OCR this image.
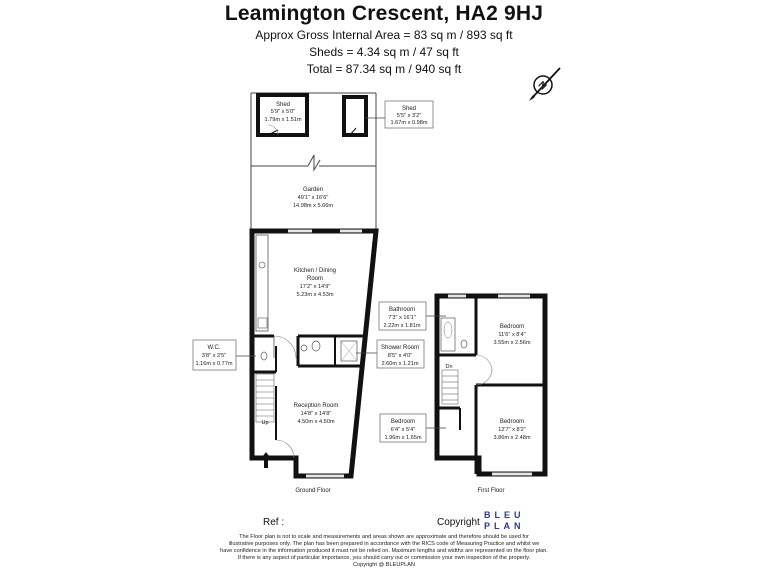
Leamington Crescent, HA2 9HJ
Approx Gross Internal Area = 83 sq m / 893 sq ft
Sheds = 4.34 sq m / 47 sq ft
Total = 87.34 sq m / 940 sq ft
N
Shed
5'9" x 5'0"
1.79m x 1.51m
Shed
5'5" x 3'2"
1.67m x 0.98m
Garden
49'1" x 16'6"
14.98m x 5.66m
Up
Kitchen / Dining
Room
17'2" x 14'9"
5.23m x 4.53m
Reception Room
14'8" x 14'8"
4.50m x 4.50m
W.C.
3'8" x 2'5"
1.16m x 0.77m
Shower Room
8'5" x 4'0"
2.60m x 1.21m
Ground Floor
Dn
Bedroom
11'6" x 8'4"
3.55m x 2.56m
Bedroom
12'7" x 8'2"
3.86m x 2.48m
Bathroom
7'3" x 16'1"
2.22m x 1.81m
Bedroom
6'4" x 5'4"
1.96m x 1.65m
First Floor
Ref :	Copyright
BLEU
PLAN
The Floor plan is not to scale and measurements and areas shown are approximate and therefore should be used for
illustrative purposes only. The plan has been prepared in accordance with the RICS code of Measuring Practice and whilst we
have confidence in the information produced it must not be relied on. Maximum lengths and widths are represented on the floor plan.
If there is any aspect of particular importance, you should carry out or commission your own inspection of the property.
Copyright @ BLEUPLAN
